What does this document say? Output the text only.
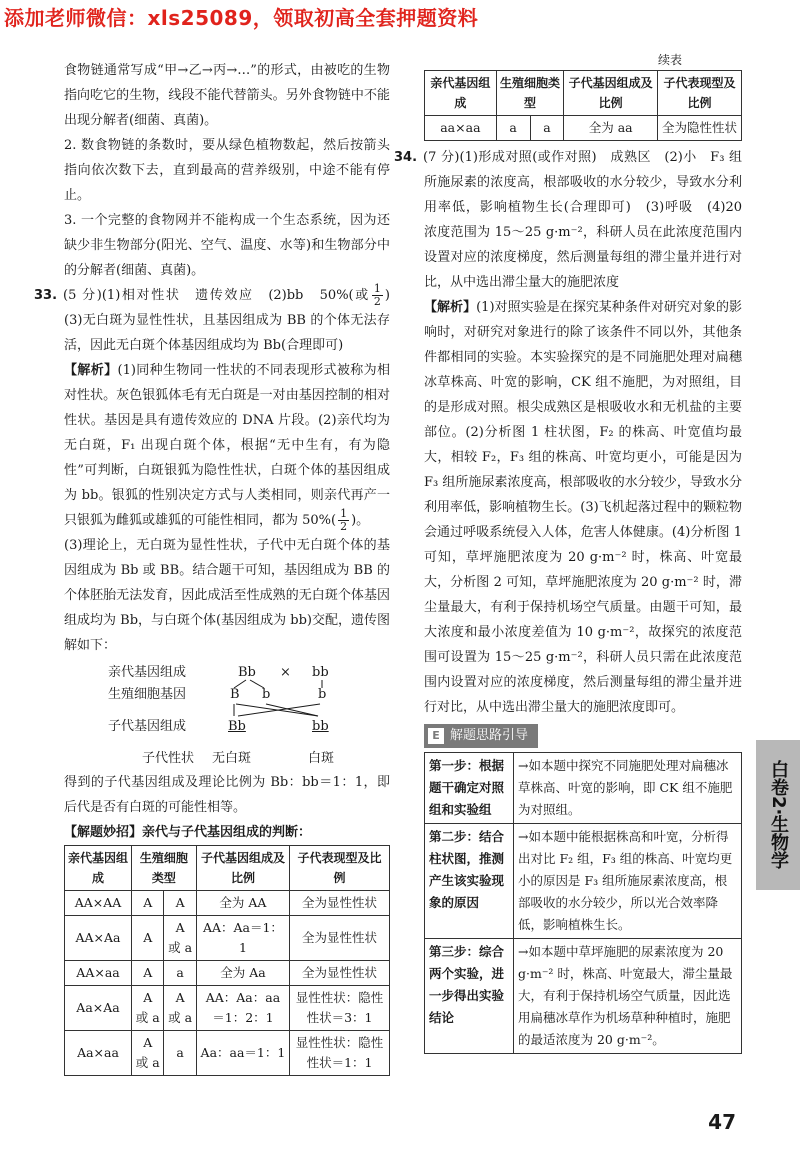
添加老师微信：xls25089，领取初高全套押题资料

食物链通常写成“甲→乙→丙→…”的形式，由被吃的生物指向吃它的生物，线段不能代替箭头。另外食物链中不能出现分解者(细菌、真菌)。

2. 数食物链的条数时，要从绿色植物数起，然后按箭头指向依次数下去，直到最高的营养级别，中途不能有停止。

3. 一个完整的食物网并不能构成一个生态系统，因为还缺少非生物部分(阳光、空气、温度、水等)和生物部分中的分解者(细菌、真菌)。

33. (5 分)(1)相对性状　遗传效应　(2)bb　50%(或 $\frac{1}{2}$ )　(3)无白斑为显性性状，且基因组成为 BB 的个体无法存活，因此无白斑个体基因组成均为 Bb(合理即可)

【解析】(1)同种生物同一性状的不同表现形式被称为相对性状。灰色银狐体毛有无白斑是一对由基因控制的相对性状。基因是具有遗传效应的 DNA 片段。(2)亲代均为无白斑，F₁ 出现白斑个体，根据“无中生有，有为隐性”可判断，白斑银狐为隐性性状，白斑个体的基因组成为 bb。银狐的性别决定方式与人类相同，则亲代再产一只银狐为雌狐或雄狐的可能性相同，都为 $50\%( \frac{1}{2}$ )。

(3)理论上，无白斑为显性性状，子代中无白斑个体的基因组成为 Bb 或 BB。结合题干可知，基因组成为 BB 的个体胚胎无法发育，因此成活至性成熟的无白斑个体基因组成均为 Bb，与白斑个体(基因组成为 bb)交配，遗传图解如下：

亲代基因组成	Bb × bb
生殖细胞基因	B b	b
子代基因组成	Bb	bb
子代性状 无白斑	白斑

得到的子代基因组成及理论比例为 Bb：bb＝1：1，即后代是否有白斑的可能性相等。

【解题妙招】亲代与子代基因组成的判断：

亲代基因组成	生殖细胞类型		子代基因组成及比例	子代表现型及比例
AA×AA	A	A	全为 AA	全为显性性状
AA×Aa	A	A 或 a	AA：Aa＝1：1	全为显性性状
AA×aa	A	a	全为 Aa	全为显性性状
Aa×Aa	A 或 a	A 或 a	AA：Aa：aa＝1：2：1	显性性状：隐性性状＝3：1
Aa×aa	A 或 a	a	Aa：aa＝1：1	显性性状：隐性性状＝1：1
续表
亲代基因组成	生殖细胞类型		子代基因组成及比例	子代表现型及比例
aa×aa	a	a	全为 aa	全为隐性性状

34. (7 分)(1)形成对照(或作对照)　成熟区　(2)小　F₃ 组所施尿素的浓度高，根部吸收的水分较少，导致水分利用率低，影响植物生长(合理即可)　(3)呼吸　(4)20　浓度范围为 15～25 g·m⁻²，科研人员在此浓度范围内设置对应的浓度梯度，然后测量每组的滞尘量并进行对比，从中选出滞尘量大的施肥浓度

【解析】(1)对照实验是在探究某种条件对研究对象的影响时，对研究对象进行的除了该条件不同以外，其他条件都相同的实验。本实验探究的是不同施肥处理对扁穗冰草株高、叶宽的影响，CK 组不施肥，为对照组，目的是形成对照。根尖成熟区是根吸收水和无机盐的主要部位。(2)分析图 1 柱状图，F₂ 的株高、叶宽值均最大，相较 F₂，F₃ 组的株高、叶宽均更小，可能是因为 F₃ 组所施尿素浓度高，根部吸收的水分较少，导致水分利用率低，影响植物生长。(3)飞机起落过程中的颗粒物会通过呼吸系统侵入人体，危害人体健康。(4)分析图 1 可知，草坪施肥浓度为 20 g·m⁻² 时，株高、叶宽最大，分析图 2 可知，草坪施肥浓度为 20 g·m⁻² 时，滞尘量最大，有利于保持机场空气质量。由题干可知，最大浓度和最小浓度差值为 10 g·m⁻²，故探究的浓度范围可设置为 15～25 g·m⁻²，科研人员只需在此浓度范围内设置对应的浓度梯度，然后测量每组的滞尘量并进行对比，从中选出滞尘量大的施肥浓度即可。

E 解题思路引导
第一步：根据题干确定对照组和实验组	→如本题中探究不同施肥处理对扁穗冰草株高、叶宽的影响，即 CK 组不施肥为对照组。
第二步：结合柱状图，推测产生该实验现象的原因	→如本题中能根据株高和叶宽，分析得出对比 F₂ 组，F₃ 组的株高、叶宽均更小的原因是 F₃ 组所施尿素浓度高，根部吸收的水分较少，所以光合效率降低，影响植株生长。
第三步：综合两个实验，进一步得出实验结论	→如本题中草坪施肥的尿素浓度为 20 g·m⁻² 时，株高、叶宽最大，滞尘量最大，有利于保持机场空气质量，因此选用扁穗冰草作为机场草种种植时，施肥的最适浓度为 20 g·m⁻²。
白卷2·生物学
47
